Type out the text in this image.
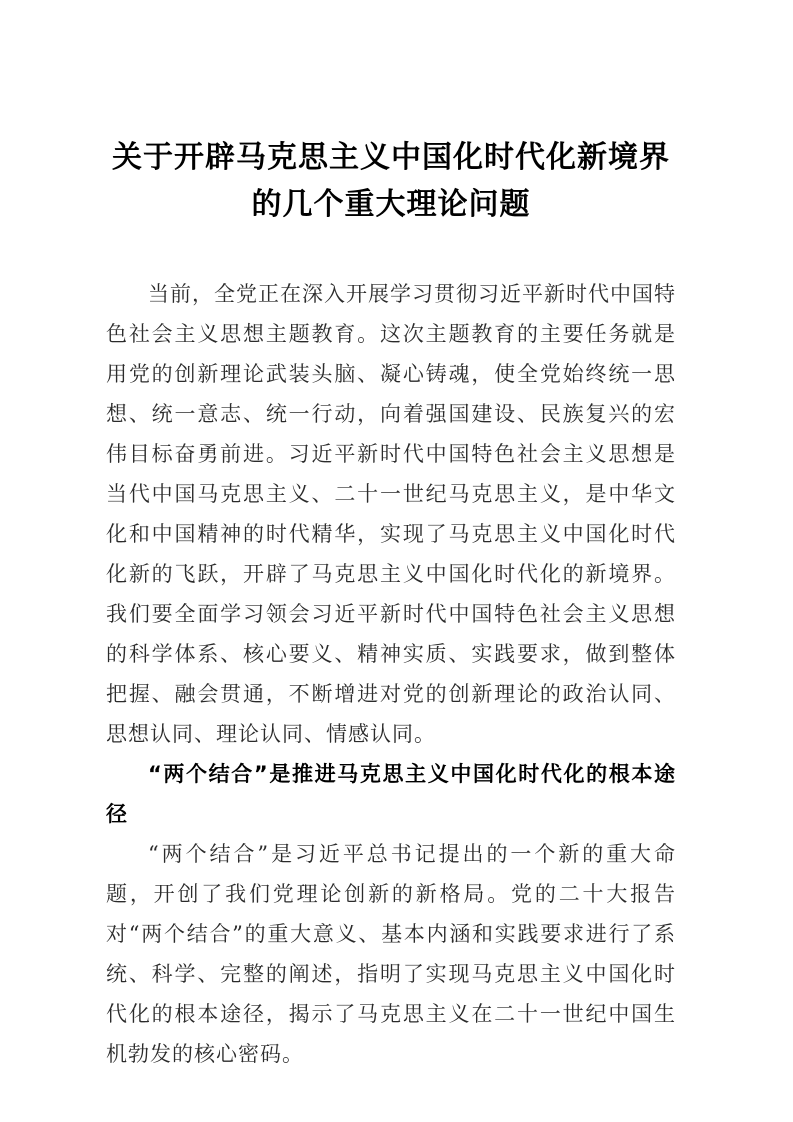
关于开辟马克思主义中国化时代化新境界的几个重大理论问题

当前，全党正在深入开展学习贯彻习近平新时代中国特色社会主义思想主题教育。这次主题教育的主要任务就是用党的创新理论武装头脑、凝心铸魂，使全党始终统一思想、统一意志、统一行动，向着强国建设、民族复兴的宏伟目标奋勇前进。习近平新时代中国特色社会主义思想是当代中国马克思主义、二十一世纪马克思主义，是中华文化和中国精神的时代精华，实现了马克思主义中国化时代化新的飞跃，开辟了马克思主义中国化时代化的新境界。我们要全面学习领会习近平新时代中国特色社会主义思想的科学体系、核心要义、精神实质、实践要求，做到整体把握、融会贯通，不断增进对党的创新理论的政治认同、思想认同、理论认同、情感认同。

“两个结合”是推进马克思主义中国化时代化的根本途径

“两个结合”是习近平总书记提出的一个新的重大命题，开创了我们党理论创新的新格局。党的二十大报告对“两个结合”的重大意义、基本内涵和实践要求进行了系统、科学、完整的阐述，指明了实现马克思主义中国化时代化的根本途径，揭示了马克思主义在二十一世纪中国生机勃发的核心密码。
